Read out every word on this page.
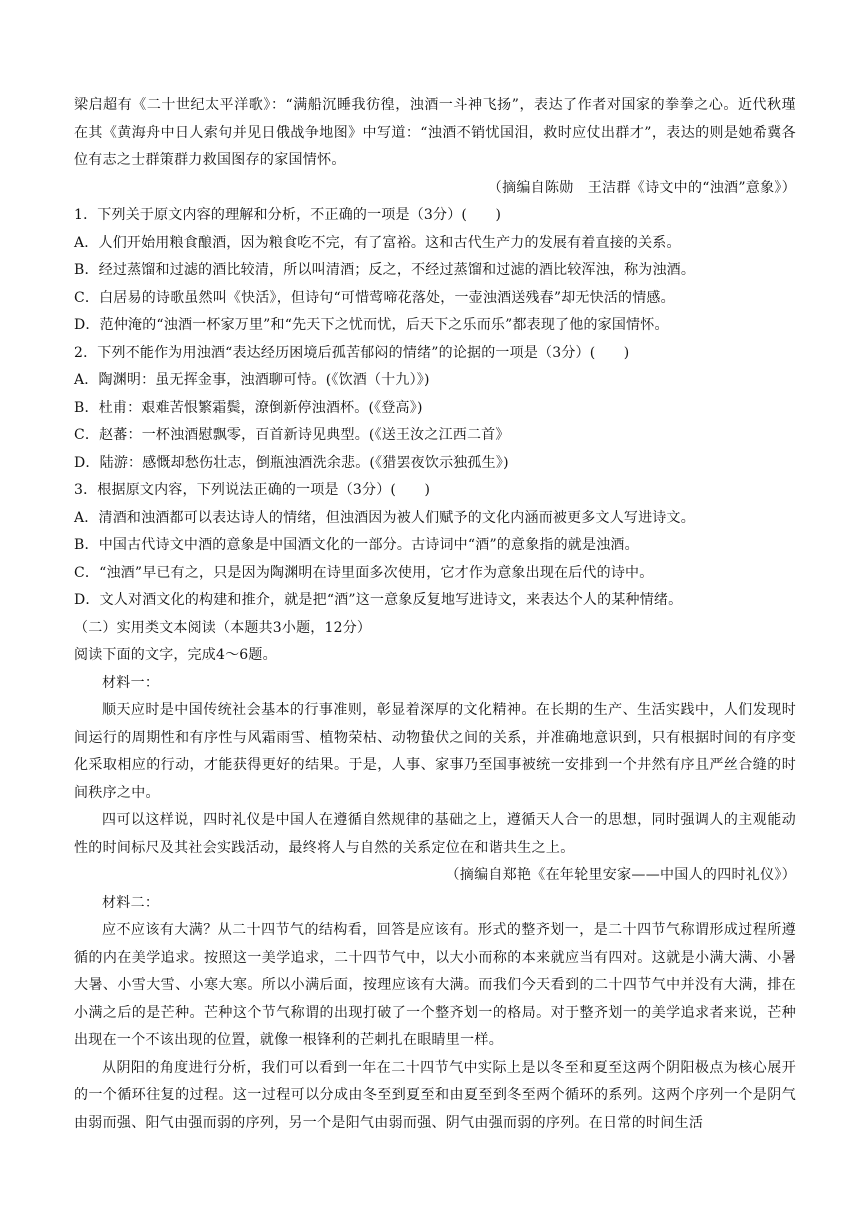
梁启超有《二十世纪太平洋歌》：“满船沉睡我彷徨，浊酒一斗神飞扬”，表达了作者对国家的拳拳之心。近代秋瑾在其《黄海舟中日人索句并见日俄战争地图》中写道：“浊酒不销忧国泪，救时应仗出群才”，表达的则是她希冀各位有志之士群策群力救国图存的家国情怀。

（摘编自陈勋　王洁群《诗文中的“浊酒”意象》）

1．下列关于原文内容的理解和分析，不正确的一项是（3分）(　　)

A．人们开始用粮食酿酒，因为粮食吃不完，有了富裕。这和古代生产力的发展有着直接的关系。

B．经过蒸馏和过滤的酒比较清，所以叫清酒；反之，不经过蒸馏和过滤的酒比较浑浊，称为浊酒。

C．白居易的诗歌虽然叫《快活》，但诗句“可惜莺啼花落处，一壶浊酒送残春”却无快活的情感。

D．范仲淹的“浊酒一杯家万里”和“先天下之忧而忧，后天下之乐而乐”都表现了他的家国情怀。

2．下列不能作为用浊酒“表达经历困境后孤苦郁闷的情绪”的论据的一项是（3分）(　　)

A．陶渊明：虽无挥金事，浊酒聊可恃。(《饮酒（十九）》)

B．杜甫：艰难苦恨繁霜鬓，潦倒新停浊酒杯。(《登高》)

C．赵蕃：一杯浊酒慰飘零，百首新诗见典型。(《送王汝之江西二首》

D．陆游：感慨却愁伤壮志，倒瓶浊酒洗余悲。(《猎罢夜饮示独孤生》)

3．根据原文内容，下列说法正确的一项是（3分）(　　)

A．清酒和浊酒都可以表达诗人的情绪，但浊酒因为被人们赋予的文化内涵而被更多文人写进诗文。

B．中国古代诗文中酒的意象是中国酒文化的一部分。古诗词中“酒”的意象指的就是浊酒。

C．“浊酒”早已有之，只是因为陶渊明在诗里面多次使用，它才作为意象出现在后代的诗中。

D．文人对酒文化的构建和推介，就是把“酒”这一意象反复地写进诗文，来表达个人的某种情绪。

（二）实用类文本阅读（本题共3小题，12分）

阅读下面的文字，完成4～6题。

材料一：

顺天应时是中国传统社会基本的行事准则，彰显着深厚的文化精神。在长期的生产、生活实践中，人们发现时间运行的周期性和有序性与风霜雨雪、植物荣枯、动物蛰伏之间的关系，并准确地意识到，只有根据时间的有序变化采取相应的行动，才能获得更好的结果。于是，人事、家事乃至国事被统一安排到一个井然有序且严丝合缝的时间秩序之中。

四可以这样说，四时礼仪是中国人在遵循自然规律的基础之上，遵循天人合一的思想，同时强调人的主观能动性的时间标尺及其社会实践活动，最终将人与自然的关系定位在和谐共生之上。

（摘编自郑艳《在年轮里安家——中国人的四时礼仪》）

材料二：

应不应该有大满？从二十四节气的结构看，回答是应该有。形式的整齐划一，是二十四节气称谓形成过程所遵循的内在美学追求。按照这一美学追求，二十四节气中，以大小而称的本来就应当有四对。这就是小满大满、小暑大暑、小雪大雪、小寒大寒。所以小满后面，按理应该有大满。而我们今天看到的二十四节气中并没有大满，排在小满之后的是芒种。芒种这个节气称谓的出现打破了一个整齐划一的格局。对于整齐划一的美学追求者来说，芒种出现在一个不该出现的位置，就像一根锋利的芒刺扎在眼睛里一样。

从阴阳的角度进行分析，我们可以看到一年在二十四节气中实际上是以冬至和夏至这两个阴阳极点为核心展开的一个循环往复的过程。这一过程可以分成由冬至到夏至和由夏至到冬至两个循环的系列。这两个序列一个是阴气由弱而强、阳气由强而弱的序列，另一个是阳气由弱而强、阴气由强而弱的序列。在日常的时间生活
